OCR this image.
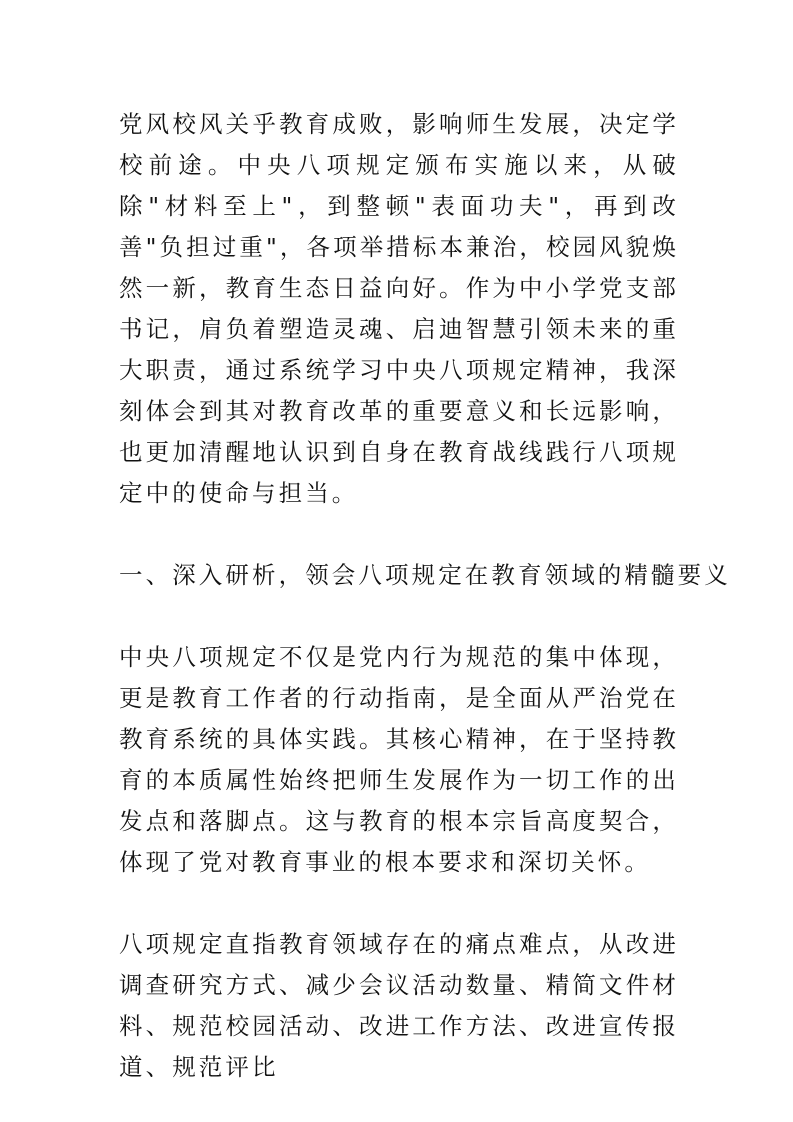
党风校风关乎教育成败，影响师生发展，决定学校前途。中央八项规定颁布实施以来，从破除"材料至上"，到整顿"表面功夫"，再到改善"负担过重"，各项举措标本兼治，校园风貌焕然一新，教育生态日益向好。作为中小学党支部书记，肩负着塑造灵魂、启迪智慧引领未来的重大职责，通过系统学习中央八项规定精神，我深刻体会到其对教育改革的重要意义和长远影响，也更加清醒地认识到自身在教育战线践行八项规定中的使命与担当。

一、深入研析，领会八项规定在教育领域的精髓要义

中央八项规定不仅是党内行为规范的集中体现，更是教育工作者的行动指南，是全面从严治党在教育系统的具体实践。其核心精神，在于坚持教育的本质属性始终把师生发展作为一切工作的出发点和落脚点。这与教育的根本宗旨高度契合，体现了党对教育事业的根本要求和深切关怀。

八项规定直指教育领域存在的痛点难点，从改进调查研究方式、减少会议活动数量、精简文件材料、规范校园活动、改进工作方法、改进宣传报道、规范评比
